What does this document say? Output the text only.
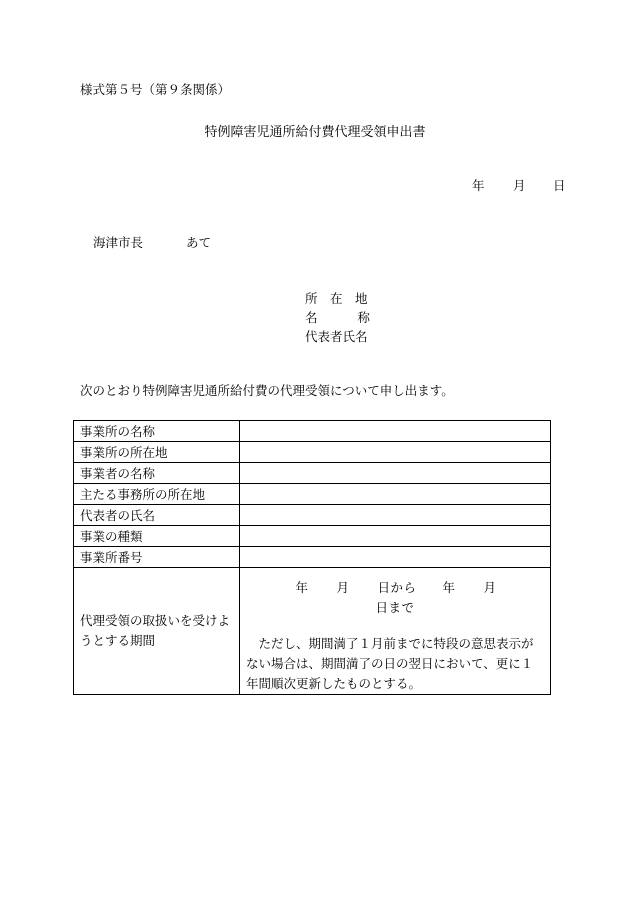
様式第５号（第９条関係）
特例障害児通所給付費代理受領申出書
年 月 日
海津市長	あて
所　在　地
名	称
代表者氏名
次のとおり特例障害児通所給付費の代理受領について申し出ます。
事業所の名称	
事業所の所在地	
事業者の名称	
主たる事務所の所在地	
代表者の氏名	
事業の種類	
事業所番号	
代理受領の取扱いを受けようとする期間	年 月 日から 年 月日まで
ただし、期間満了１月前までに特段の意思表示がない場合は、期間満了の日の翌日において、更に１年間順次更新したものとする。
